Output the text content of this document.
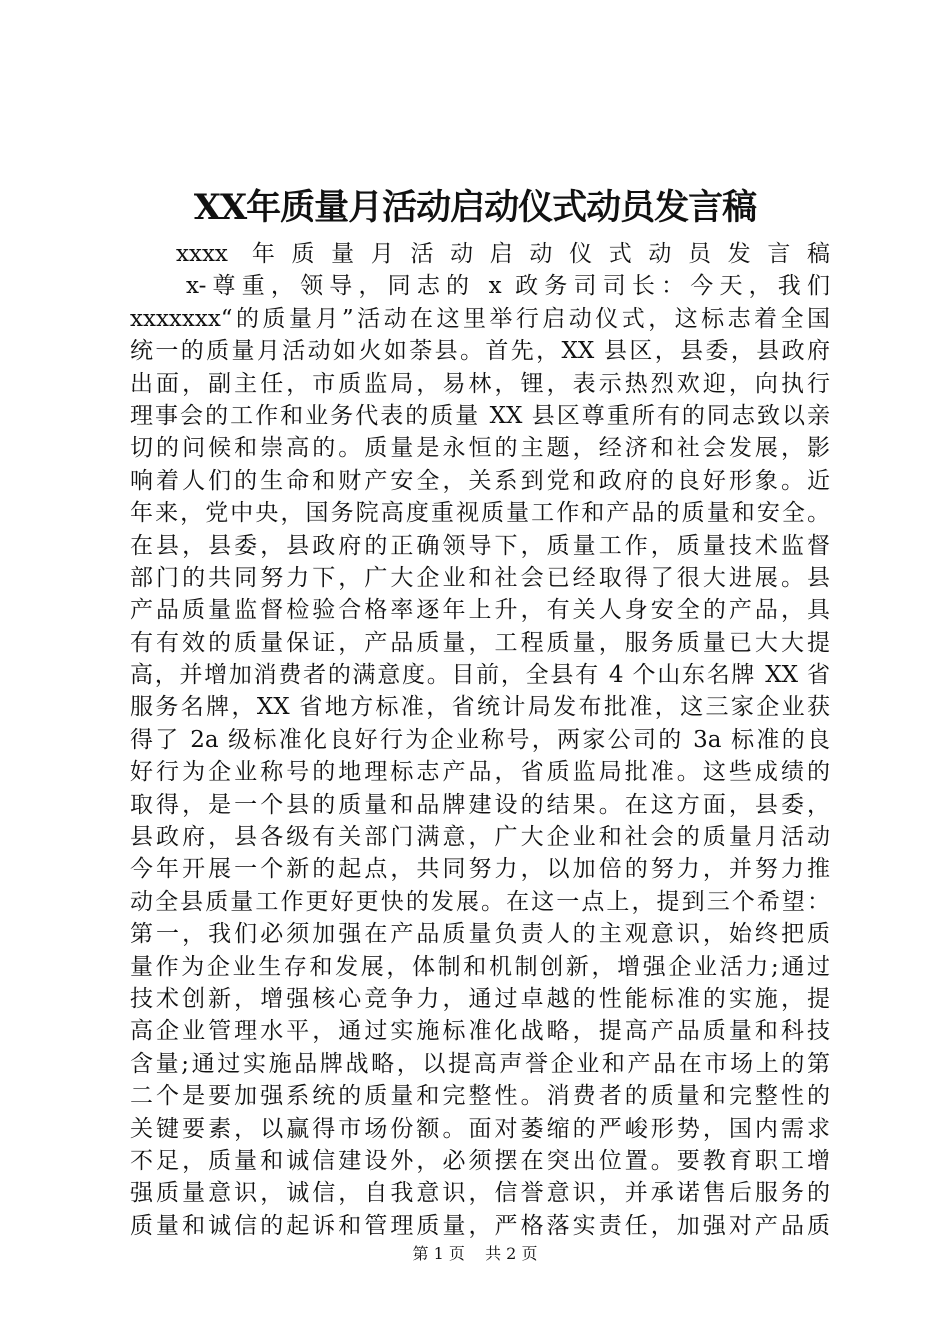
XX年质量月活动启动仪式动员发言稿
xxxx 年质量月活动启动仪式动员发言稿
x-尊重，领导，同志的 x 政务司司长：今天，我们
xxxxxxx“的质量月”活动在这里举行启动仪式，这标志着全国
统一的质量月活动如火如荼县。首先，XX 县区，县委，县政府
出面，副主任，市质监局，易林，锂，表示热烈欢迎，向执行
理事会的工作和业务代表的质量 XX 县区尊重所有的同志致以亲
切的问候和崇高的。质量是永恒的主题，经济和社会发展，影
响着人们的生命和财产安全，关系到党和政府的良好形象。近
年来，党中央，国务院高度重视质量工作和产品的质量和安全。
在县，县委，县政府的正确领导下，质量工作，质量技术监督
部门的共同努力下，广大企业和社会已经取得了很大进展。县
产品质量监督检验合格率逐年上升，有关人身安全的产品，具
有有效的质量保证，产品质量，工程质量，服务质量已大大提
高，并增加消费者的满意度。目前，全县有 4 个山东名牌 XX 省
服务名牌，XX 省地方标准，省统计局发布批准，这三家企业获
得了 2a 级标准化良好行为企业称号，两家公司的 3a 标准的良
好行为企业称号的地理标志产品，省质监局批准。这些成绩的
取得，是一个县的质量和品牌建设的结果。在这方面，县委，
县政府，县各级有关部门满意，广大企业和社会的质量月活动
今年开展一个新的起点，共同努力，以加倍的努力，并努力推
动全县质量工作更好更快的发展。在这一点上，提到三个希望：
第一，我们必须加强在产品质量负责人的主观意识，始终把质
量作为企业生存和发展，体制和机制创新，增强企业活力;通过
技术创新，增强核心竞争力，通过卓越的性能标准的实施，提
高企业管理水平，通过实施标准化战略，提高产品质量和科技
含量;通过实施品牌战略，以提高声誉企业和产品在市场上的第
二个是要加强系统的质量和完整性。消费者的质量和完整性的
关键要素，以赢得市场份额。面对萎缩的严峻形势，国内需求
不足，质量和诚信建设外，必须摆在突出位置。要教育职工增
强质量意识，诚信，自我意识，信誉意识，并承诺售后服务的
质量和诚信的起诉和管理质量，严格落实责任，加强对产品质
第 1 页 共 2 页
